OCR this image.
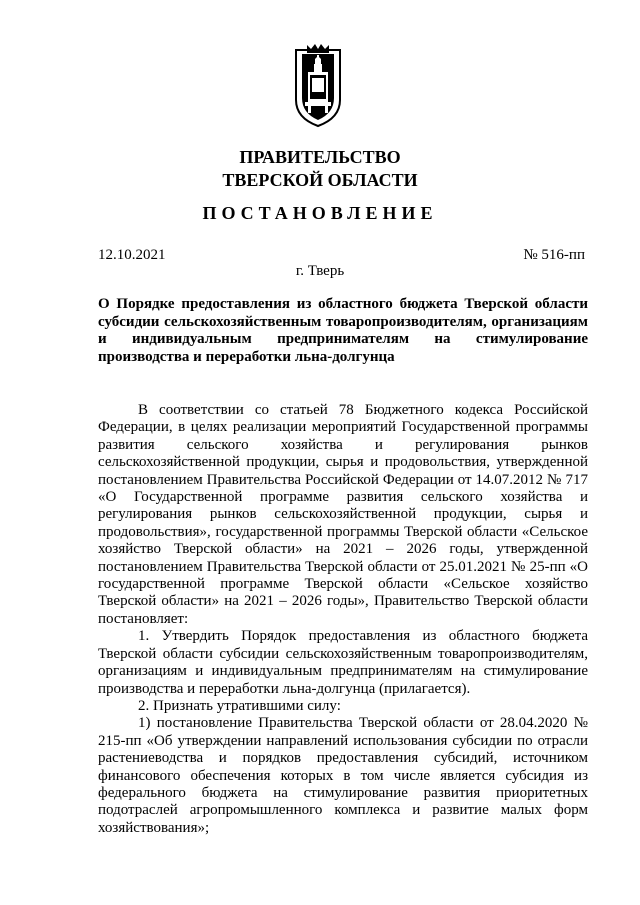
ПРАВИТЕЛЬСТВО
ТВЕРСКОЙ ОБЛАСТИ
ПОСТАНОВЛЕНИЕ
12.10.2021	№ 516-пп
г. Тверь
О Порядке предоставления из областного бюджета Тверской области субсидии сельскохозяйственным товаропроизводителям, организациям и индивидуальным предпринимателям на стимулирование производства и переработки льна-долгунца

В соответствии со статьей 78 Бюджетного кодекса Российской Федерации, в целях реализации мероприятий Государственной программы развития сельского хозяйства и регулирования рынков сельскохозяйственной продукции, сырья и продовольствия, утвержденной постановлением Правительства Российской Федерации от 14.07.2012 № 717 «О Государственной программе развития сельского хозяйства и регулирования рынков сельскохозяйственной продукции, сырья и продовольствия», государственной программы Тверской области «Сельское хозяйство Тверской области» на 2021 – 2026 годы, утвержденной постановлением Правительства Тверской области от 25.01.2021 № 25-пп «О государственной программе Тверской области «Сельское хозяйство Тверской области» на 2021 – 2026 годы», Правительство Тверской области постановляет:

1. Утвердить Порядок предоставления из областного бюджета Тверской области субсидии сельскохозяйственным товаропроизводителям, организациям и индивидуальным предпринимателям на стимулирование производства и переработки льна-долгунца (прилагается).

2. Признать утратившими силу:

1) постановление Правительства Тверской области от 28.04.2020 № 215-пп «Об утверждении направлений использования субсидии по отрасли растениеводства и порядков предоставления субсидий, источником финансового обеспечения которых в том числе является субсидия из федерального бюджета на стимулирование развития приоритетных подотраслей агропромышленного комплекса и развитие малых форм хозяйствования»;
